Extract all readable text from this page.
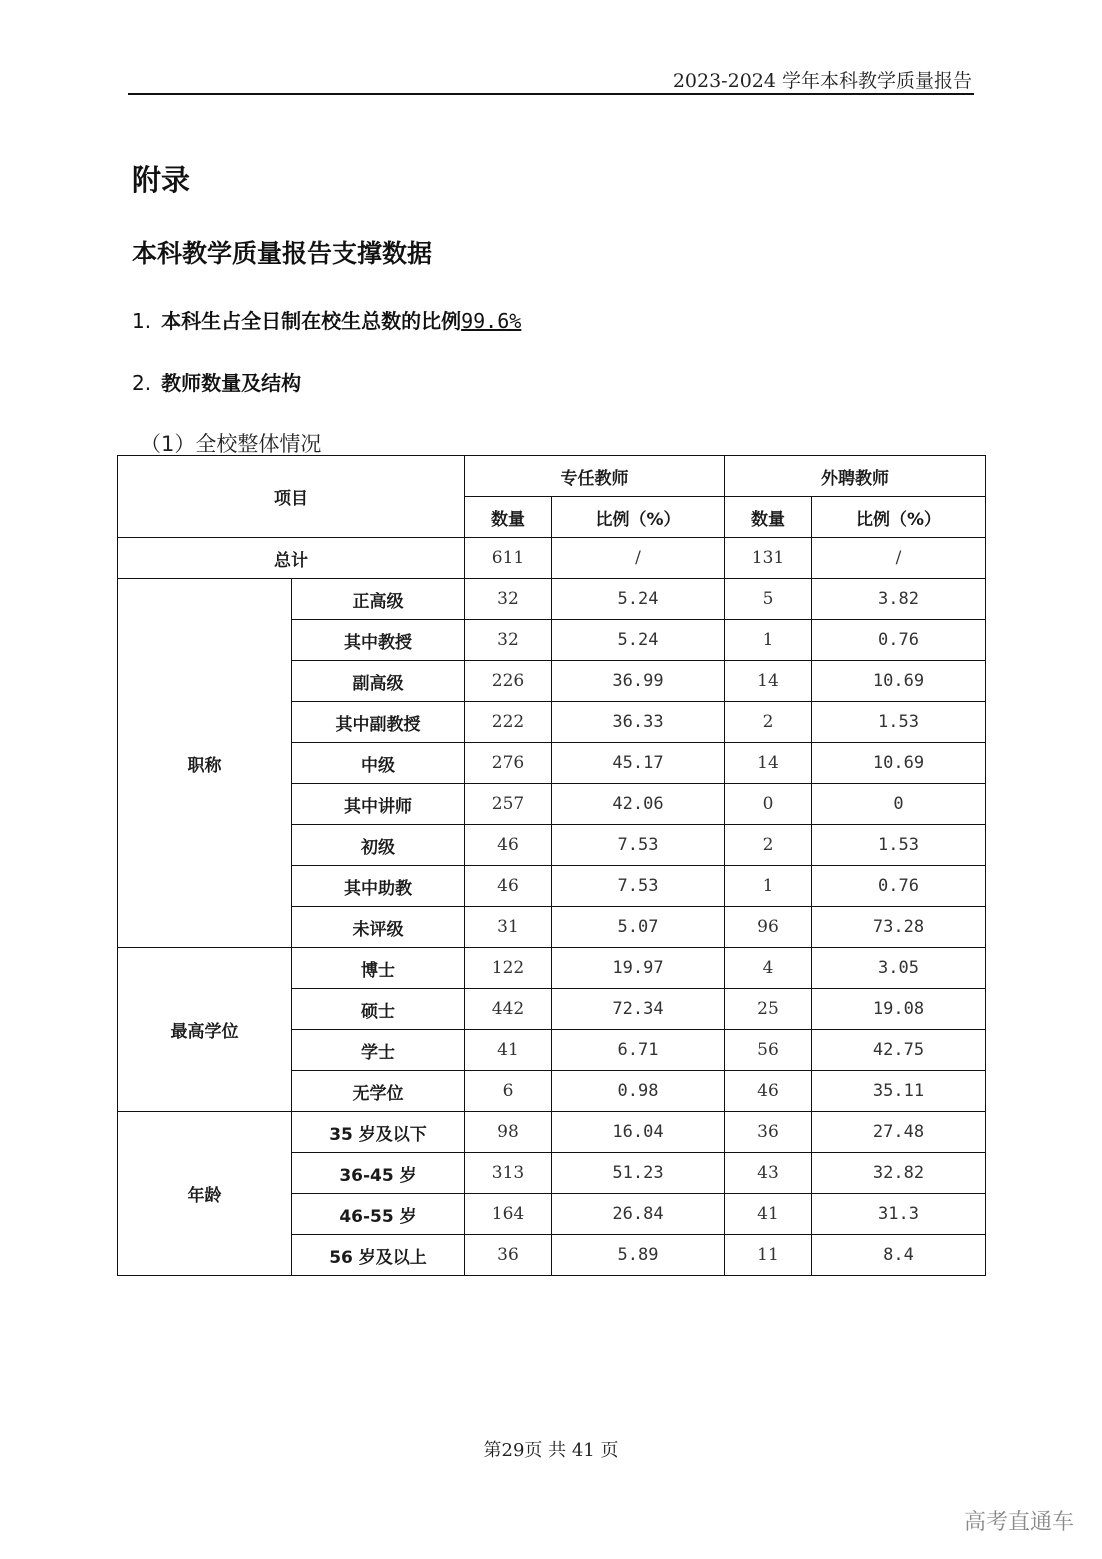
2023-2024 学年本科教学质量报告
附录
本科教学质量报告支撑数据
1. 本科生占全日制在校生总数的比例99.6%
2. 教师数量及结构
（1）全校整体情况
项目		专任教师		外聘教师	
		数量	比例（%）	数量	比例（%）
总计		611	/	131	/
职称	正高级	32	5.24	5	3.82
	其中教授	32	5.24	1	0.76
	副高级	226	36.99	14	10.69
	其中副教授	222	36.33	2	1.53
	中级	276	45.17	14	10.69
	其中讲师	257	42.06	0	0
	初级	46	7.53	2	1.53
	其中助教	46	7.53	1	0.76
	未评级	31	5.07	96	73.28
最高学位	博士	122	19.97	4	3.05
	硕士	442	72.34	25	19.08
	学士	41	6.71	56	42.75
	无学位	6	0.98	46	35.11
年龄	35 岁及以下	98	16.04	36	27.48
	36-45 岁	313	51.23	43	32.82
	46-55 岁	164	26.84	41	31.3
	56 岁及以上	36	5.89	11	8.4
第29页 共 41 页
高考直通车
